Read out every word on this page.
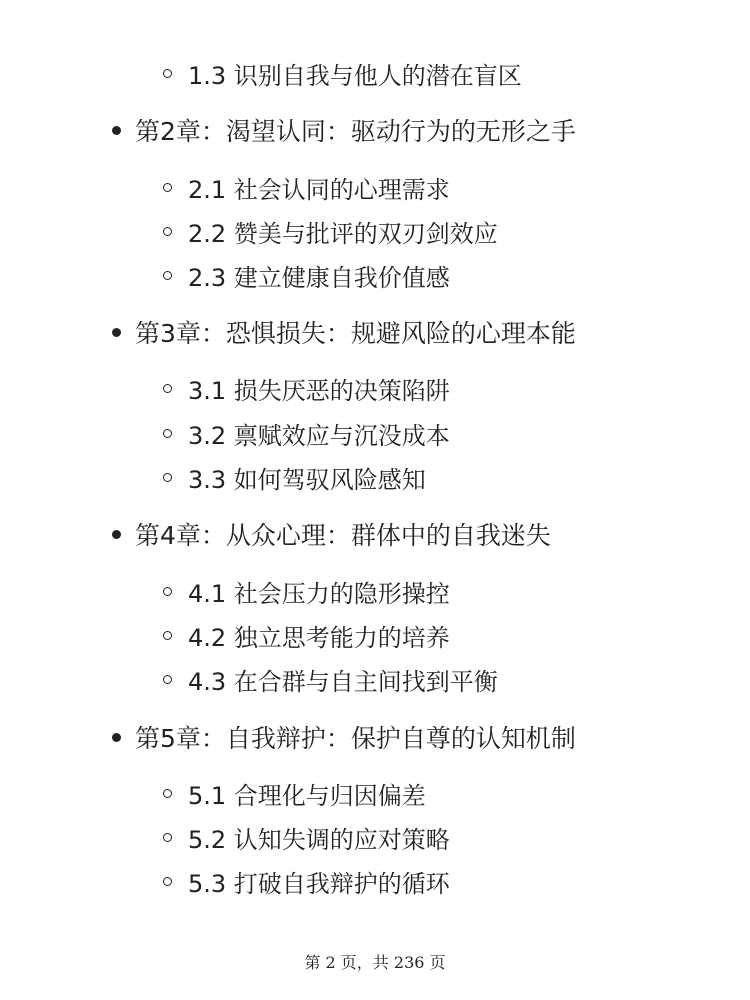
1.3 识别自我与他人的潜在盲区
第2章：渴望认同：驱动行为的无形之手
2.1 社会认同的心理需求
2.2 赞美与批评的双刃剑效应
2.3 建立健康自我价值感
第3章：恐惧损失：规避风险的心理本能
3.1 损失厌恶的决策陷阱
3.2 禀赋效应与沉没成本
3.3 如何驾驭风险感知
第4章：从众心理：群体中的自我迷失
4.1 社会压力的隐形操控
4.2 独立思考能力的培养
4.3 在合群与自主间找到平衡
第5章：自我辩护：保护自尊的认知机制
5.1 合理化与归因偏差
5.2 认知失调的应对策略
5.3 打破自我辩护的循环
第 2 页，共 236 页
